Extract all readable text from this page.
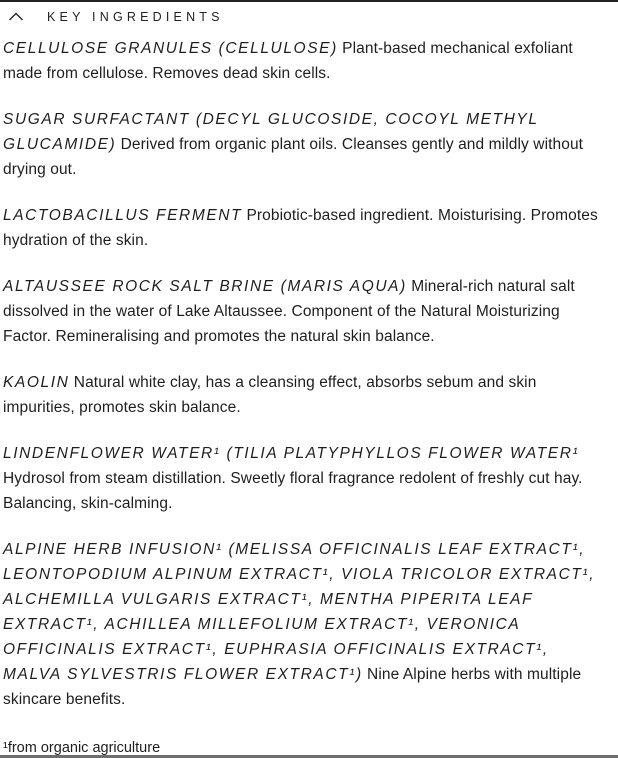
KEY INGREDIENTS

CELLULOSE GRANULES (CELLULOSE) Plant-based mechanical exfoliant made from cellulose. Removes dead skin cells.

SUGAR SURFACTANT (DECYL GLUCOSIDE, COCOYL METHYL GLUCAMIDE) Derived from organic plant oils. Cleanses gently and mildly without drying out.

LACTOBACILLUS FERMENT Probiotic-based ingredient. Moisturising. Promotes hydration of the skin.

ALTAUSSEE ROCK SALT BRINE (MARIS AQUA) Mineral-rich natural salt dissolved in the water of Lake Altaussee. Component of the Natural Moisturizing Factor. Remineralising and promotes the natural skin balance.

KAOLIN Natural white clay, has a cleansing effect, absorbs sebum and skin impurities, promotes skin balance.

LINDENFLOWER WATER¹ (TILIA PLATYPHYLLOS FLOWER WATER¹ Hydrosol from steam distillation. Sweetly floral fragrance redolent of freshly cut hay. Balancing, skin-calming.

ALPINE HERB INFUSION¹ (MELISSA OFFICINALIS LEAF EXTRACT¹, LEONTOPODIUM ALPINUM EXTRACT¹, VIOLA TRICOLOR EXTRACT¹, ALCHEMILLA VULGARIS EXTRACT¹, MENTHA PIPERITA LEAF EXTRACT¹, ACHILLEA MILLEFOLIUM EXTRACT¹, VERONICA OFFICINALIS EXTRACT¹, EUPHRASIA OFFICINALIS EXTRACT¹, MALVA SYLVESTRIS FLOWER EXTRACT¹) Nine Alpine herbs with multiple skincare benefits.

¹from organic agriculture
